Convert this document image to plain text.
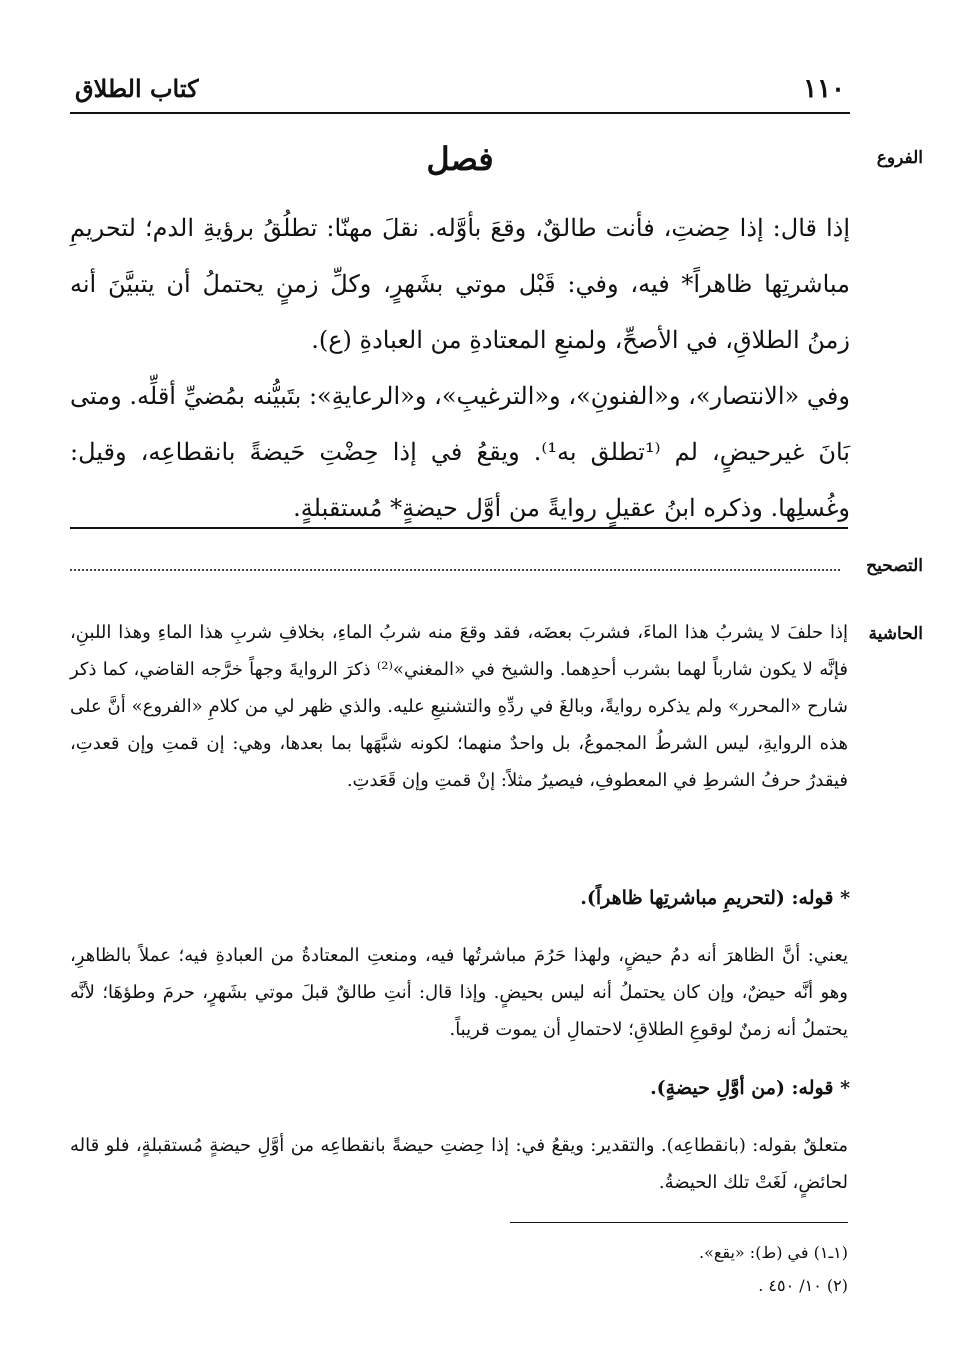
١١٠
كتاب الطلاق
الفروع
التصحيح
الحاشية
فصل
إذا قال: إذا حِضتِ، فأنت طالقٌ، وقعَ بأوَّله. نقلَ مهنّا: تطلُقُ برؤيةِ الدم؛ لتحريمِ مباشرتِها ظاهراً* فيه، وفي: قَبْل موتي بشَهرٍ، وكلِّ زمنٍ يحتملُ أن يتبيَّنَ أنه زمنُ الطلاقِ، في الأصحِّ، ولمنعِ المعتادةِ من العبادةِ (ع).
وفي «الانتصار»، و«الفنونِ»، و«الترغيبِ»، و«الرعايةِ»: بتَبيُّنه بمُضيِّ أقلِّه. ومتى بَانَ غيرحيضٍ، لم ⁽¹تطلق به¹⁾. ويقعُ في إذا حِضْتِ حَيضةً بانقطاعِه، وقيل: وغُسلِها. وذكره ابنُ عقيلٍ روايةً من أوَّل حيضةٍ* مُستقبلةٍ.
إذا حلفَ لا يشربُ هذا الماءَ، فشربَ بعضَه، فقد وقعَ منه شربُ الماءِ، بخلافِ شربِ هذا الماءِ وهذا اللبنِ، فإنَّه لا يكون شارباً لهما بشرب أحدِهما. والشيخ في «المغني»⁽²⁾ ذكرَ الروايةَ وجهاً خرَّجه القاضي، كما ذكر شارح «المحرر» ولم يذكره روايةً، وبالغَ في ردِّهِ والتشنيعِ عليه. والذي ظهر لي من كلامِ «الفروع» أنَّ على هذه الروايةِ، ليس الشرطُ المجموعُ، بل واحدٌ منهما؛ لكونه شبَّهَها بما بعدها، وهي: إن قمتِ وإن قعدتِ، فيقدرُ حرفُ الشرطِ في المعطوفِ، فيصيرُ مثلاً: إنْ قمتِ وإن قَعَدتِ.
* قوله: (لتحريمِ مباشرتِها ظاهراً).
يعني: أنَّ الظاهرَ أنه دمُ حيضٍ، ولهذا حَرُمَ مباشرتُها فيه، ومنعتِ المعتادةُ من العبادةِ فيه؛ عملاً بالظاهرِ، وهو أنَّه حيضٌ، وإن كان يحتملُ أنه ليس بحيضٍ. وإذا قال: أنتِ طالقٌ قبلَ موتي بشَهرٍ، حرمَ وطؤهَا؛ لأنَّه يحتملُ أنه زمنٌ لوقوعِ الطلاقِ؛ لاحتمالِ أن يموت قريباً.
* قوله: (من أوَّلِ حيضةٍ).
متعلقٌ بقوله: (بانقطاعِه). والتقدير: ويقعُ في: إذا حِضتِ حيضةً بانقطاعِه من أوَّلِ حيضةٍ مُستقبلةٍ، فلو قاله لحائضٍ، لَغَتْ تلك الحيضةُ.
(١ـ١) في (ط): «يقع».
(٢) ١٠/ ٤٥٠ .
